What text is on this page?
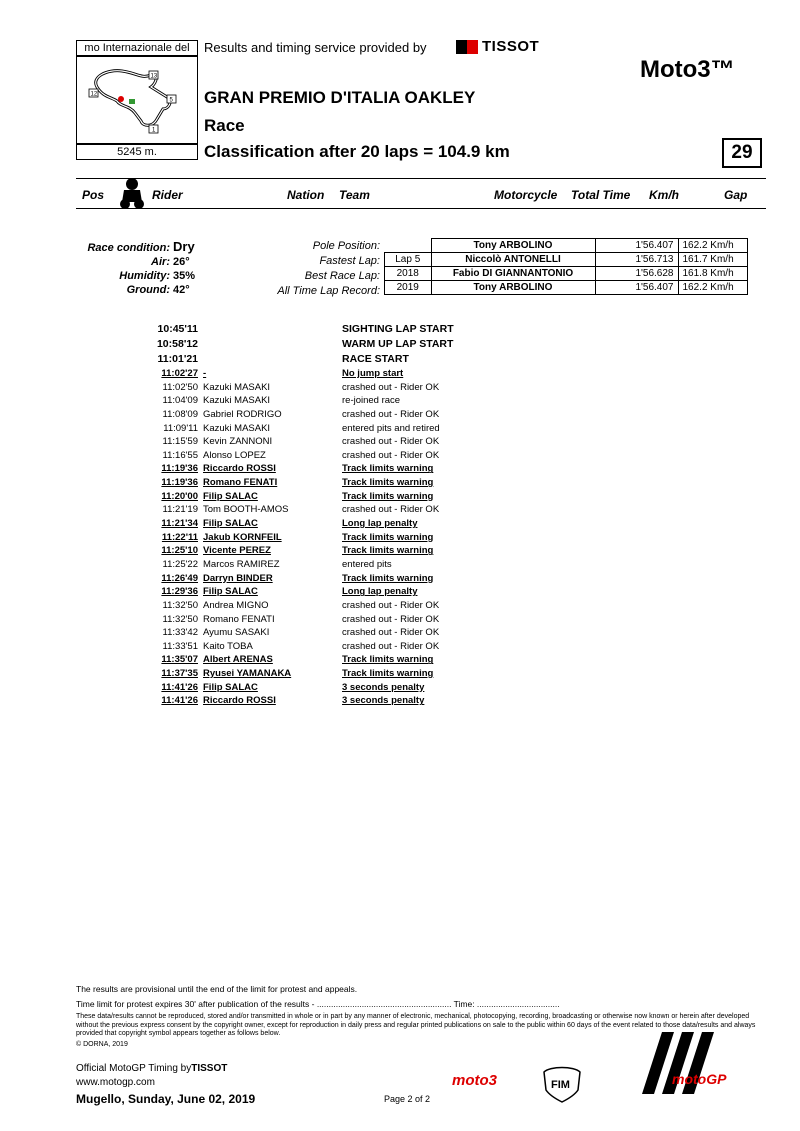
mo Internazionale del
13
12
5
1
5245 m.
Results and timing service provided by	TISSOT
Moto3™
GRAN PREMIO D'ITALIA OAKLEY
Race
Classification after 20 laps = 104.9 km	29
Pos	Rider	Nation Team	Motorcycle Total Time Km/h	Gap
Race condition: Dry
Air: 26°
Humidity: 35%
Ground: 42°
Pole Position:
Fastest Lap:
Best Race Lap:
All Time Lap Record:
	Tony ARBOLINO	1'56.407	162.2 Km/h
Lap 5	Niccolò ANTONELLI	1'56.713	161.7 Km/h
2018	Fabio DI GIANNANTONIO	1'56.628	161.8 Km/h
2019	Tony ARBOLINO	1'56.407	162.2 Km/h
10:45'11	SIGHTING LAP START
10:58'12	WARM UP LAP START
11:01'21	RACE START
11:02'27 -	No jump start
11:02'50 Kazuki MASAKI	crashed out - Rider OK
11:04'09 Kazuki MASAKI	re-joined race
11:08'09 Gabriel RODRIGO	crashed out - Rider OK
11:09'11 Kazuki MASAKI	entered pits and retired
11:15'59 Kevin ZANNONI	crashed out - Rider OK
11:16'55 Alonso LOPEZ	crashed out - Rider OK
11:19'36 Riccardo ROSSI	Track limits warning
11:19'36 Romano FENATI	Track limits warning
11:20'00 Filip SALAC	Track limits warning
11:21'19 Tom BOOTH-AMOS	crashed out - Rider OK
11:21'34 Filip SALAC	Long lap penalty
11:22'11 Jakub KORNFEIL	Track limits warning
11:25'10 Vicente PEREZ	Track limits warning
11:25'22 Marcos RAMIREZ	entered pits
11:26'49 Darryn BINDER	Track limits warning
11:29'36 Filip SALAC	Long lap penalty
11:32'50 Andrea MIGNO	crashed out - Rider OK
11:32'50 Romano FENATI	crashed out - Rider OK
11:33'42 Ayumu SASAKI	crashed out - Rider OK
11:33'51 Kaito TOBA	crashed out - Rider OK
11:35'07 Albert ARENAS	Track limits warning
11:37'35 Ryusei YAMANAKA	Track limits warning
11:41'26 Filip SALAC	3 seconds penalty
11:41'26 Riccardo ROSSI	3 seconds penalty
The results are provisional until the end of the limit for protest and appeals.
Time limit for protest expires 30' after publication of the results - ......................................................... Time: ...................................
These data/results cannot be reproduced, stored and/or transmitted in whole or in part by any manner of electronic, mechanical, photocopying, recording, broadcasting or otherwise now known or herein after developed without the previous express consent by the copyright owner, except for reproduction in daily press and regular printed publications on sale to the public within 60 days of the event related to those data/results and always provided that copyright symbol appears together as follows below.
© DORNA, 2019
Official MotoGP Timing byTISSOT
www.motogp.com
Mugello, Sunday, June 02, 2019	Page 2 of 2
moto3	FIM	motoGP
